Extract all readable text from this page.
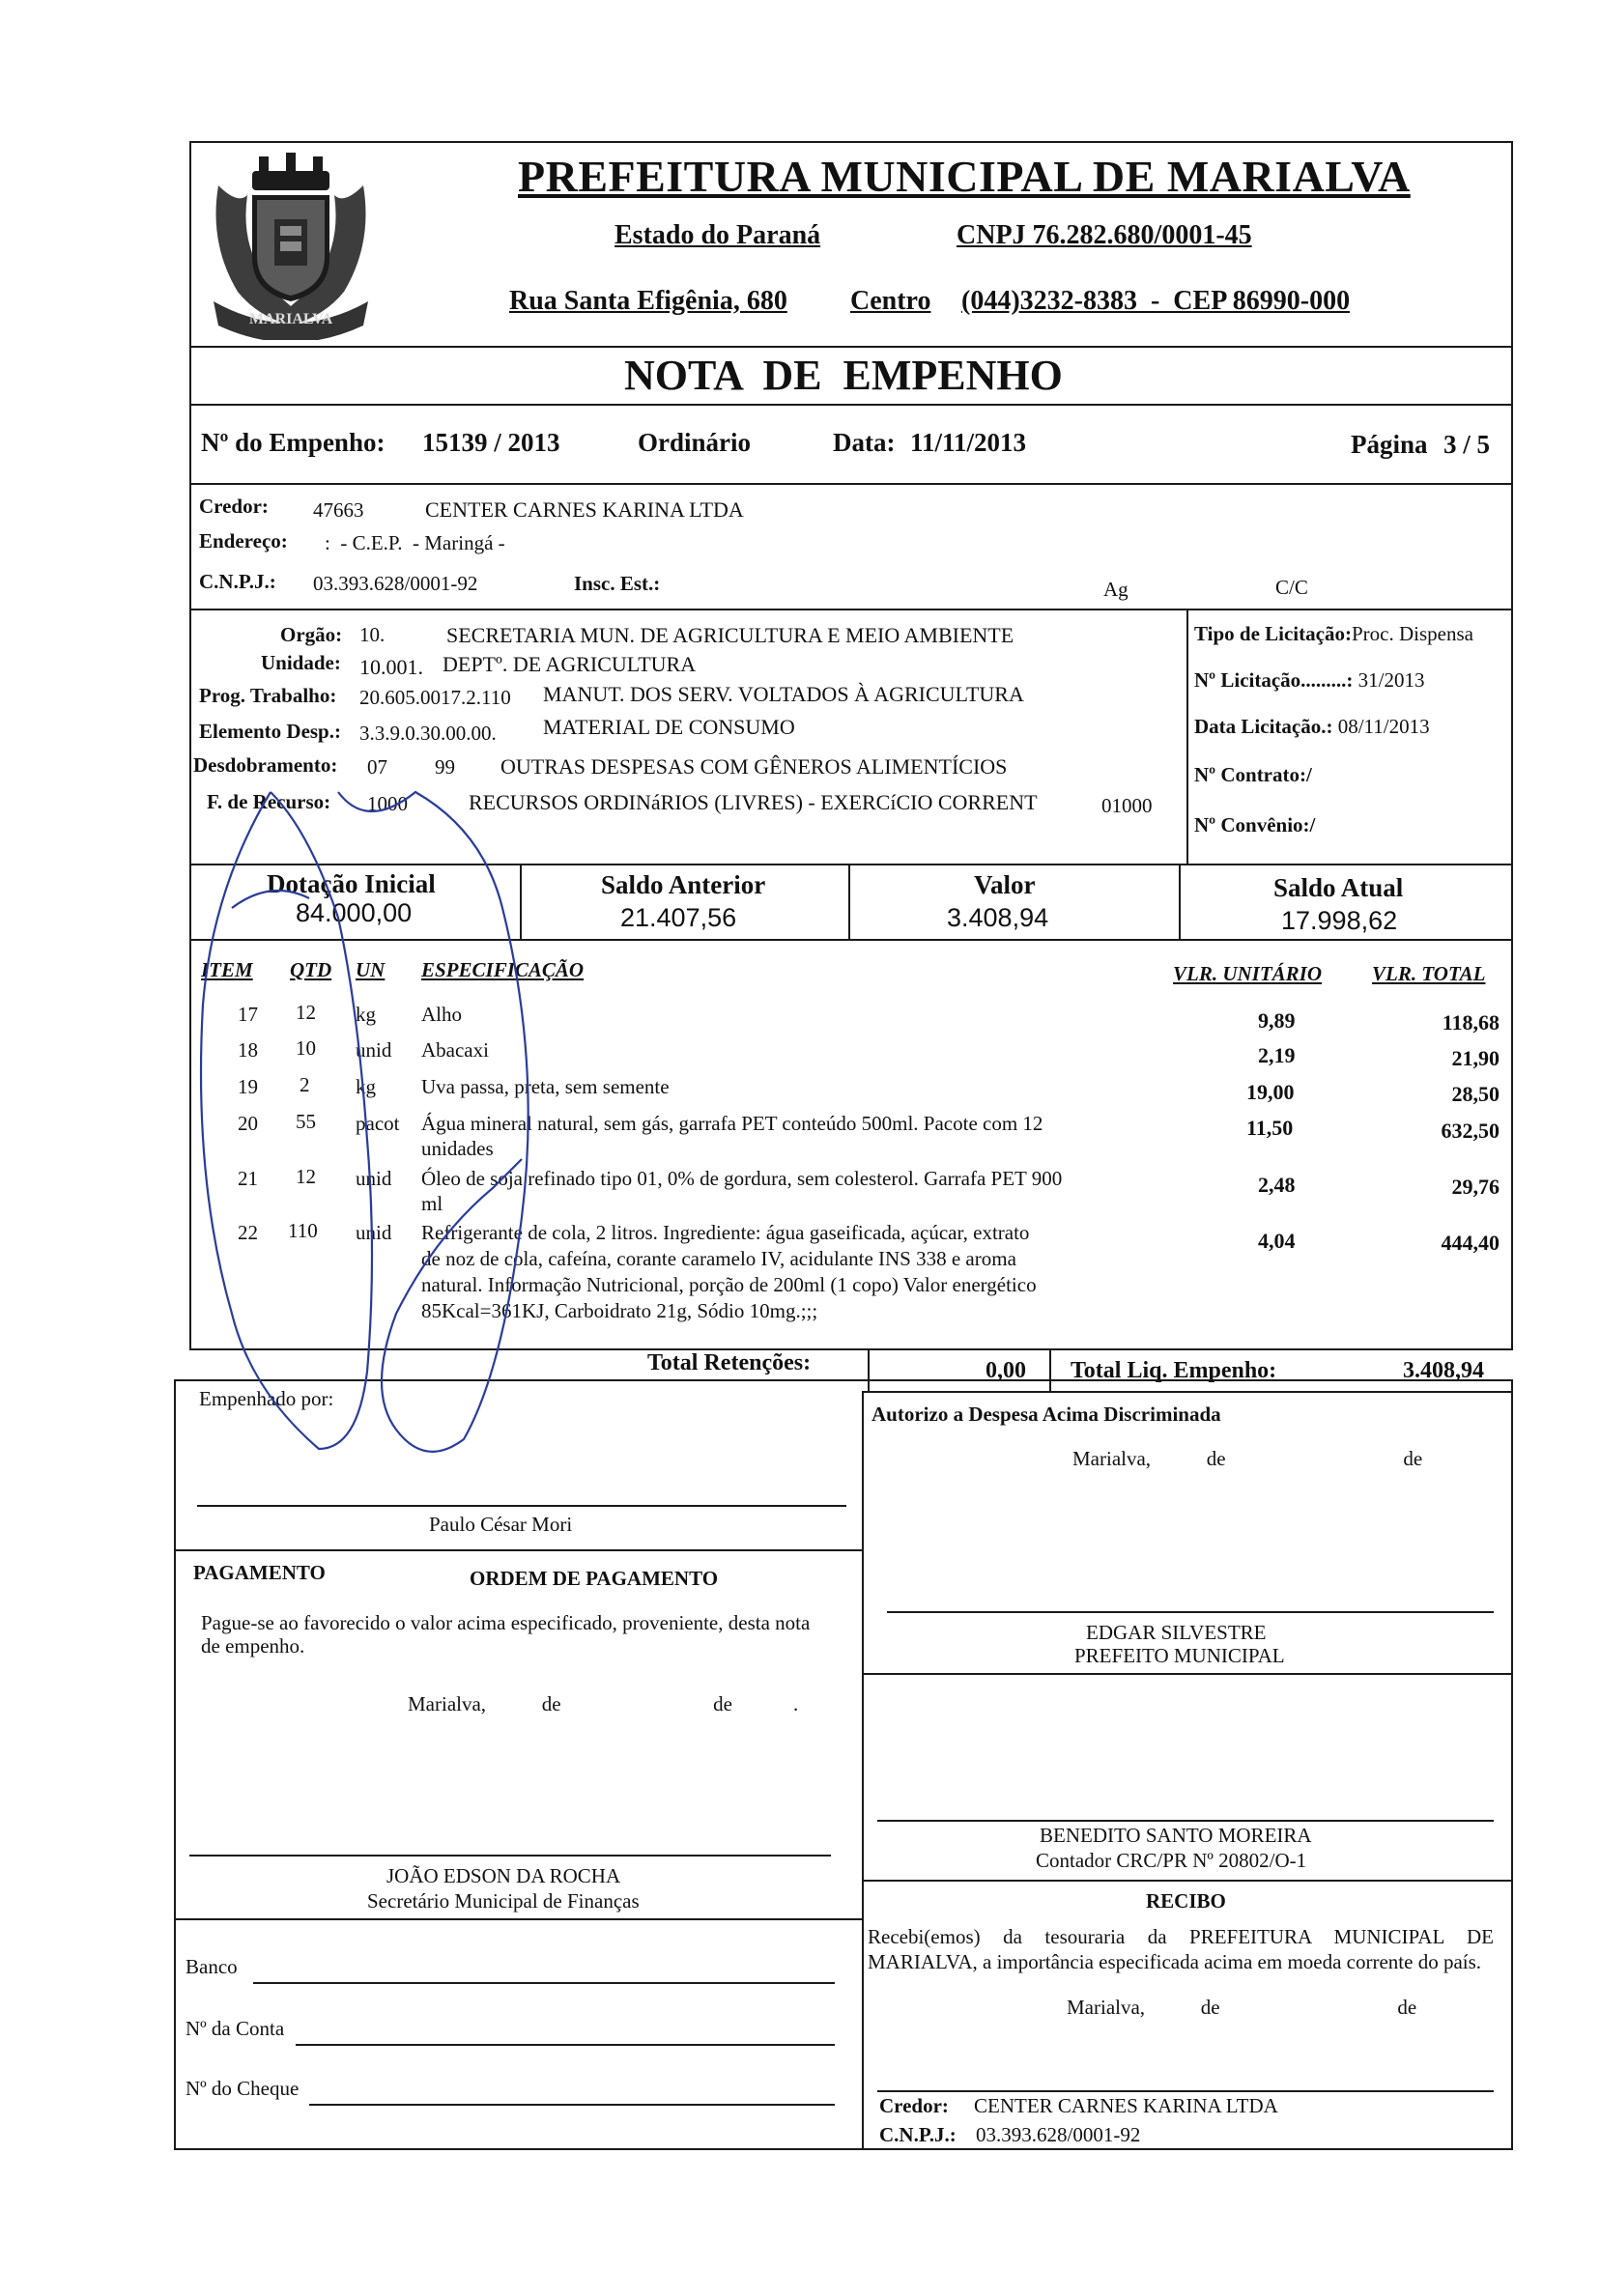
MARIALVA
PREFEITURA MUNICIPAL DE MARIALVA
Estado do Paraná	CNPJ 76.282.680/0001-45
Rua Santa Efigênia, 680 Centro (044)3232-8383  -  CEP 86990-000
NOTA  DE  EMPENHO
Nº do Empenho: 15139 / 2013	Ordinário	Data: 11/11/2013	Página 3 / 5
Credor: 47663	CENTER CARNES KARINA LTDA
Endereço: :  - C.E.P.  - Maringá -
C.N.P.J.: 03.393.628/0001-92	Insc. Est.:	Ag	C/C
Orgão: 10.	SECRETARIA MUN. DE AGRICULTURA E MEIO AMBIENTE
Unidade: 10.001. DEPTº. DE AGRICULTURA
Prog. Trabalho: 20.605.0017.2.110 MANUT. DOS SERV. VOLTADOS À AGRICULTURA
Elemento Desp.: 3.3.9.0.30.00.00. MATERIAL DE CONSUMO
Desdobramento: 07 99 OUTRAS DESPESAS COM GÊNEROS ALIMENTÍCIOS
F. de Recurso: 1000	RECURSOS ORDINáRIOS (LIVRES) - EXERCíCIO CORRENT	01000
Tipo de Licitação:Proc. Dispensa
Nº Licitação.........: 31/2013
Data Licitação.: 08/11/2013
Nº Contrato:/
Nº Convênio:/
Dotação Inicial
84.000,00
Saldo Anterior
21.407,56
Valor
3.408,94
Saldo Atual
17.998,62
ITEM QTD UN ESPECIFICAÇÃO	VLR. UNITÁRIO VLR. TOTAL
17 12 kg Alho	9,89	118,68
18 10 unid Abacaxi	2,19	21,90
19 2 kg Uva passa, preta, sem semente	19,00	28,50
20 55 pacot Água mineral natural, sem gás, garrafa PET conteúdo 500ml. Pacote com 12
unidades
11,50	632,50
21 12 unid Óleo de soja refinado tipo 01, 0% de gordura, sem colesterol. Garrafa PET 900
ml
2,48	29,76
22 110 unid Refrigerante de cola, 2 litros. Ingrediente: água gaseificada, açúcar, extrato
de noz de cola, cafeína, corante caramelo IV, acidulante INS 338 e aroma
natural. Informação Nutricional, porção de 200ml (1 copo) Valor energético
85Kcal=361KJ, Carboidrato 21g, Sódio 10mg.;;;
4,04	444,40
Total Retenções:	0,00 Total Liq. Empenho:	3.408,94
Empenhado por:
Paulo César Mori
PAGAMENTO	ORDEM DE PAGAMENTO
Pague-se ao favorecido o valor acima especificado, proveniente, desta nota de empenho.
Marialva,           de                              de            .
JOÃO EDSON DA ROCHA
Secretário Municipal de Finanças
Banco
Nº da Conta
Nº do Cheque
Autorizo a Despesa Acima Discriminada
Marialva,           de                                   de
EDGAR SILVESTRE
PREFEITO MUNICIPAL
BENEDITO SANTO MOREIRA
Contador CRC/PR Nº 20802/O-1
RECIBO
Recebi(emos) da tesouraria da PREFEITURA MUNICIPAL DE MARIALVA, a importância especificada acima em moeda corrente do país.
Marialva,           de                                   de
Credor: CENTER CARNES KARINA LTDA
C.N.P.J.: 03.393.628/0001-92
